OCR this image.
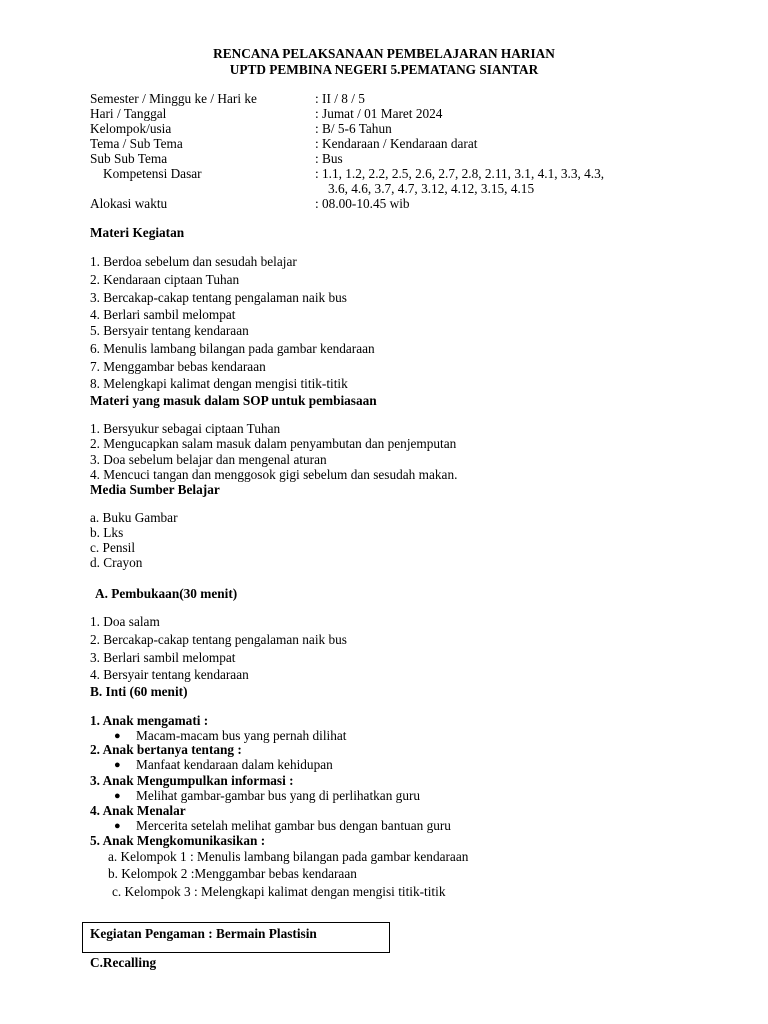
RENCANA PELAKSANAAN PEMBELAJARAN HARIAN
UPTD PEMBINA NEGERI 5.PEMATANG SIANTAR
Semester / Minggu ke / Hari ke	: II / 8 / 5
Hari / Tanggal	: Jumat / 01 Maret 2024
Kelompok/usia	: B/ 5-6 Tahun
Tema / Sub Tema	: Kendaraan / Kendaraan darat
Sub Sub Tema	: Bus
Kompetensi Dasar	: 1.1, 1.2, 2.2, 2.5, 2.6, 2.7, 2.8, 2.11, 3.1, 4.1, 3.3, 4.3,
3.6, 4.6, 3.7, 4.7, 3.12, 4.12, 3.15, 4.15
Alokasi waktu	: 08.00-10.45 wib
Materi Kegiatan
1. Berdoa sebelum dan sesudah belajar
2. Kendaraan ciptaan Tuhan
3. Bercakap-cakap tentang pengalaman naik bus
4. Berlari sambil melompat
5. Bersyair tentang kendaraan
6. Menulis lambang bilangan pada gambar kendaraan
7. Menggambar bebas kendaraan
8. Melengkapi kalimat dengan mengisi titik-titik
Materi yang masuk dalam SOP untuk pembiasaan
1. Bersyukur sebagai ciptaan Tuhan
2. Mengucapkan salam masuk dalam penyambutan dan penjemputan
3. Doa sebelum belajar dan mengenal aturan
4. Mencuci tangan dan menggosok gigi sebelum dan sesudah makan.
Media Sumber Belajar
a. Buku Gambar
b. Lks
c. Pensil
d. Crayon
A. Pembukaan(30 menit)
1. Doa salam
2. Bercakap-cakap tentang pengalaman naik bus
3. Berlari sambil melompat
4. Bersyair tentang kendaraan
B. Inti (60 menit)
1. Anak mengamati :
● Macam-macam bus yang pernah dilihat
2. Anak bertanya tentang :
● Manfaat kendaraan dalam kehidupan
3. Anak Mengumpulkan informasi :
● Melihat gambar-gambar bus yang di perlihatkan guru
4. Anak Menalar
● Mercerita setelah melihat gambar bus dengan bantuan guru
5. Anak Mengkomunikasikan :
a. Kelompok 1 : Menulis lambang bilangan pada gambar kendaraan
b. Kelompok 2 :Menggambar bebas kendaraan
c. Kelompok 3 : Melengkapi kalimat dengan mengisi titik-titik
Kegiatan Pengaman : Bermain Plastisin
C.Recalling
